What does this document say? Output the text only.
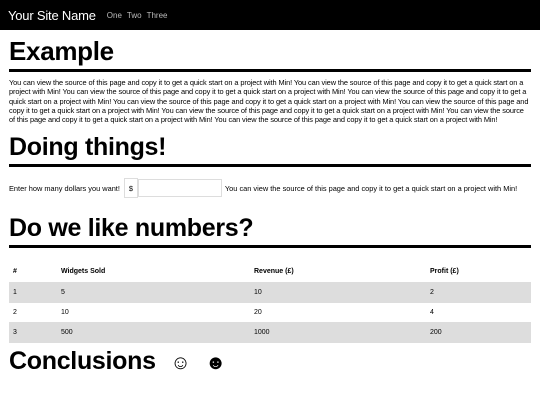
Your Site Name One Two Three
Example

You can view the source of this page and copy it to get a quick start on a project with Min! You can view the source of this page and copy it to get a quick start on a project with Min! You can view the source of this page and copy it to get a quick start on a project with Min! You can view the source of this page and copy it to get a quick start on a project with Min! You can view the source of this page and copy it to get a quick start on a project with Min! You can view the source of this page and copy it to get a quick start on a project with Min! You can view the source of this page and copy it to get a quick start on a project with Min! You can view the source of this page and copy it to get a quick start on a project with Min! You can view the source of this page and copy it to get a quick start on a project with Min!

Doing things!
Enter how many dollars you want!	$	You can view the source of this page and copy it to get a quick start on a project with Min!
Do we like numbers?
#	Widgets Sold	Revenue (£)	Profit (£)
1	5	10	2
2	10	20	4
3	500	1000	200
Conclusions ☺ ☻
